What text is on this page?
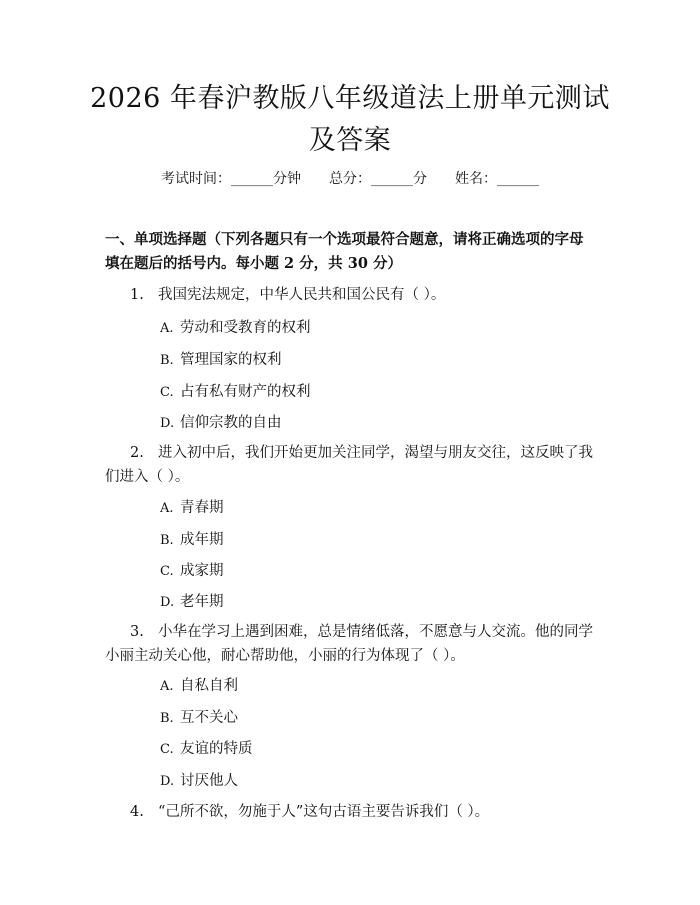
2026 年春沪教版八年级道法上册单元测试及答案
考试时间：______分钟 总分：______分 姓名：______

一、单项选择题（下列各题只有一个选项最符合题意，请将正确选项的字母填在题后的括号内。每小题 2 分，共 30 分）

1. 我国宪法规定，中华人民共和国公民有（ ）。

A. 劳动和受教育的权利

B. 管理国家的权利

C. 占有私有财产的权利

D. 信仰宗教的自由

2. 进入初中后，我们开始更加关注同学，渴望与朋友交往，这反映了我们进入（ ）。

A. 青春期

B. 成年期

C. 成家期

D. 老年期

3. 小华在学习上遇到困难，总是情绪低落，不愿意与人交流。他的同学小丽主动关心他，耐心帮助他，小丽的行为体现了（ ）。

A. 自私自利

B. 互不关心

C. 友谊的特质

D. 讨厌他人

4. “己所不欲，勿施于人”这句古语主要告诉我们（ ）。
